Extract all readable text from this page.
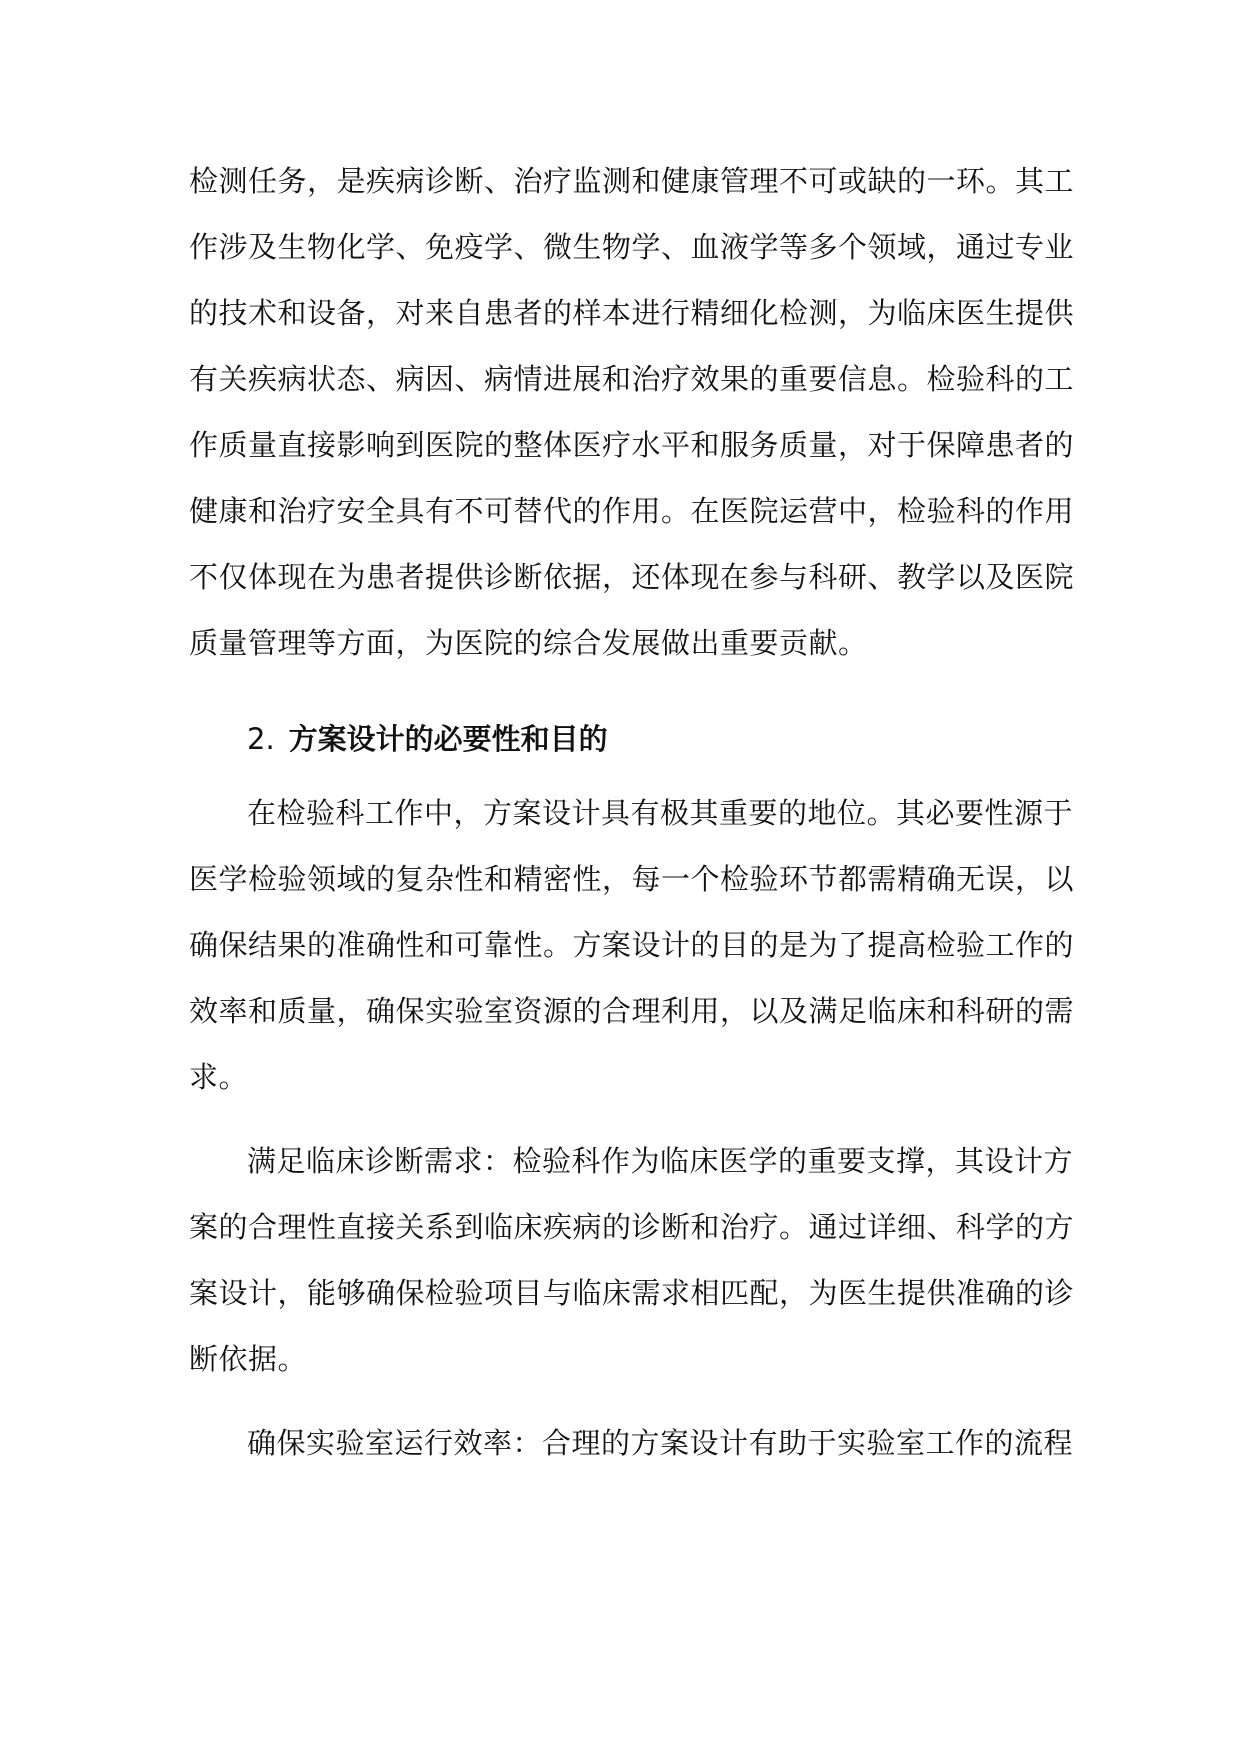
检测任务，是疾病诊断、治疗监测和健康管理不可或缺的一环。其工
作涉及生物化学、免疫学、微生物学、血液学等多个领域，通过专业
的技术和设备，对来自患者的样本进行精细化检测，为临床医生提供
有关疾病状态、病因、病情进展和治疗效果的重要信息。检验科的工
作质量直接影响到医院的整体医疗水平和服务质量，对于保障患者的
健康和治疗安全具有不可替代的作用。在医院运营中，检验科的作用
不仅体现在为患者提供诊断依据，还体现在参与科研、教学以及医院
质量管理等方面，为医院的综合发展做出重要贡献。
2. 方案设计的必要性和目的
在检验科工作中，方案设计具有极其重要的地位。其必要性源于
医学检验领域的复杂性和精密性，每一个检验环节都需精确无误，以
确保结果的准确性和可靠性。方案设计的目的是为了提高检验工作的
效率和质量，确保实验室资源的合理利用，以及满足临床和科研的需
求。
满足临床诊断需求：检验科作为临床医学的重要支撑，其设计方
案的合理性直接关系到临床疾病的诊断和治疗。通过详细、科学的方
案设计，能够确保检验项目与临床需求相匹配，为医生提供准确的诊
断依据。
确保实验室运行效率：合理的方案设计有助于实验室工作的流程
